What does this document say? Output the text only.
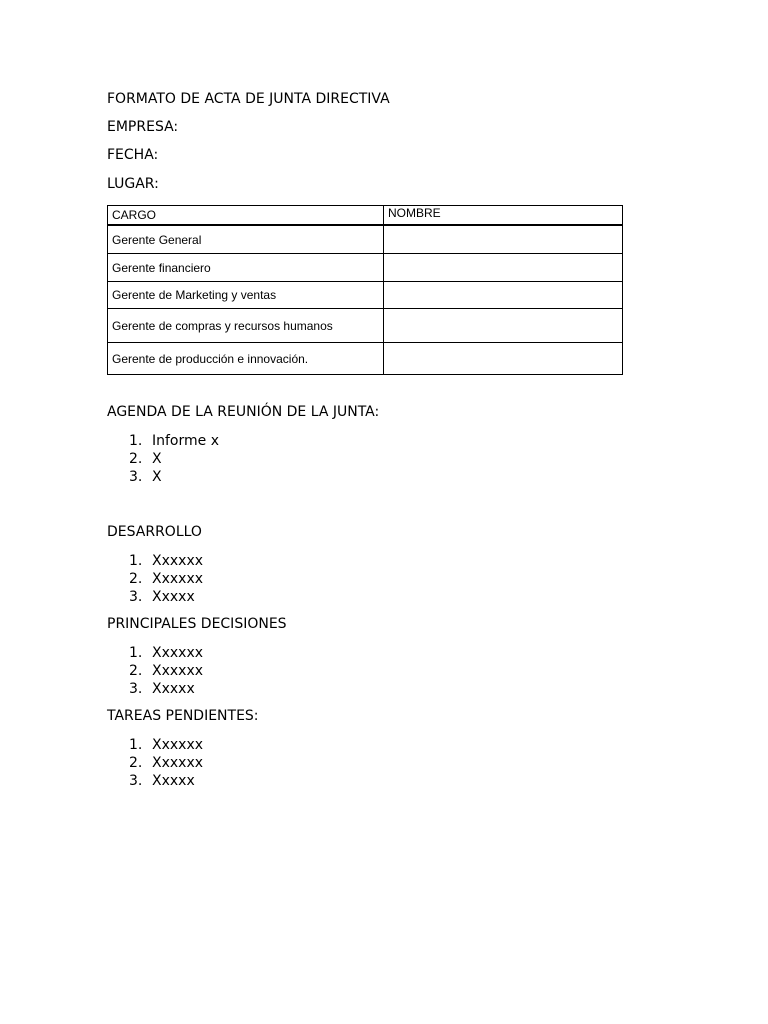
FORMATO DE ACTA DE JUNTA DIRECTIVA
EMPRESA:
FECHA:
LUGAR:
CARGO	NOMBRE
Gerente General	
Gerente financiero	
Gerente de Marketing y ventas	
Gerente de compras y recursos humanos	
Gerente de producción e innovación.	
AGENDA DE LA REUNIÓN DE LA JUNTA:
1. Informe x
2. X
3. X
DESARROLLO
1. Xxxxxx
2. Xxxxxx
3. Xxxxx
PRINCIPALES DECISIONES
1. Xxxxxx
2. Xxxxxx
3. Xxxxx
TAREAS PENDIENTES:
1. Xxxxxx
2. Xxxxxx
3. Xxxxx
